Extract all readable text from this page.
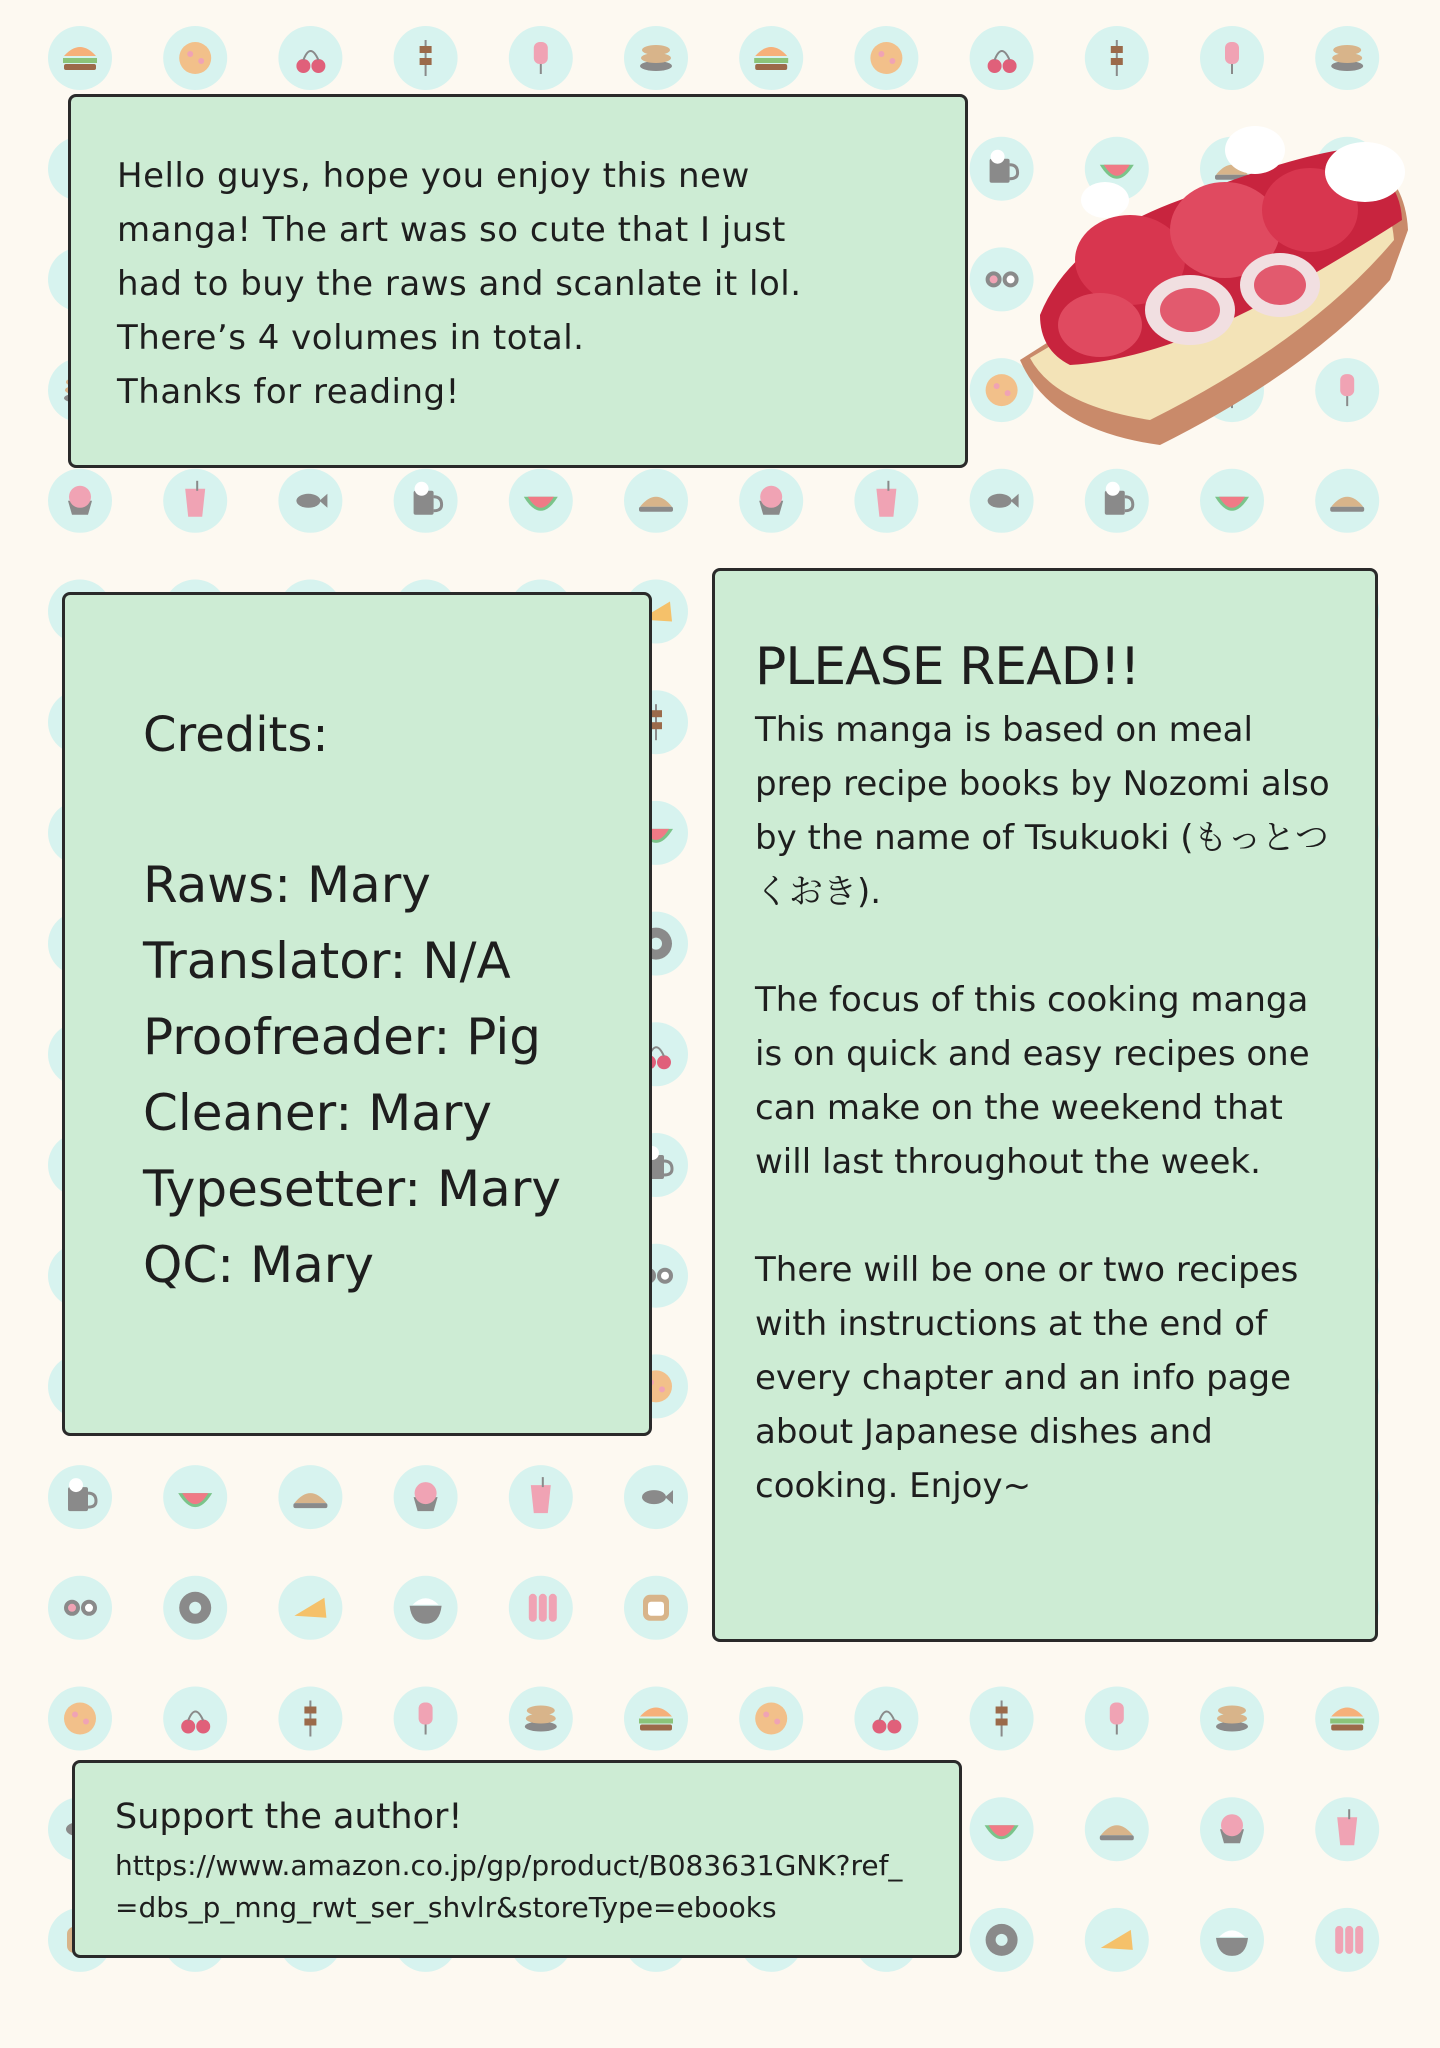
Hello guys, hope you enjoy this new

manga! The art was so cute that I just

had to buy the raws and scanlate it lol.

There’s 4 volumes in total.

Thanks for reading!

Credits:

Raws: Mary

Translator: N/A

Proofreader: Pig

Cleaner: Mary

Typesetter: Mary

QC: Mary

PLEASE READ!!

This manga is based on meal prep recipe books by Nozomi also by the name of Tsukuoki (もっとつくおき).

The focus of this cooking manga is on quick and easy recipes one can make on the weekend that will last throughout the week.

There will be one or two recipes with instructions at the end of every chapter and an info page about Japanese dishes and cooking. Enjoy~

Support the author!

https://www.amazon.co.jp/gp/product/B083631GNK?ref_=dbs_p_mng_rwt_ser_shvlr&storeType=ebooks
